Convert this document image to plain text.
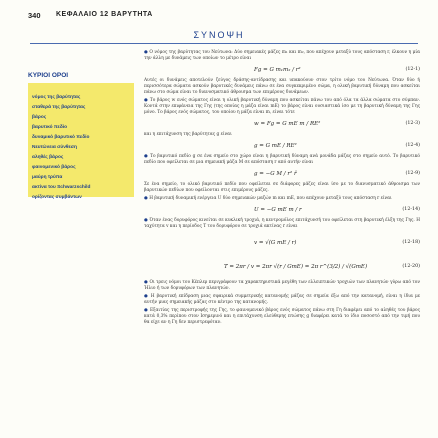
340 ΚΕΦΑΛΑΙΟ 12 ΒΑΡΥΤΗΤΑ
ΣΥΝΟΨΗ
ΚΥΡΙΟΙ ΟΡΟΙ
νόμος της βαρύτητας
σταθερά της βαρύτητας
βάρος
βαρυτικό πεδίο
δυναμικό βαρυτικό πεδίο
Νευτώνεια σύνθεση
αληθές βάρος
φαινομενικό βάρος
μαύρη τρύπα
ακτίνα του Schwarzschild
ορίζοντας συμβάντων

● Ο νόμος της βαρύτητας του Νεύτωνα: Δύο σημειακές μάζες m₁ και m₂, που απέχουν μεταξύ τους απόσταση r, έλκουν η μία την άλλη με δυνάμεις των οποίων το μέτρο είναι

Fg = G m₁m₂ / r²	(12-1)

Αυτές οι δυνάμεις αποτελούν ζεύγος δράσης-αντίδρασης και υπακούουν στον τρίτο νόμο του Νεύτωνα. Όταν δύο ή περισσότερα σώματα ασκούν βαρυτικές δυνάμεις πάνω σε ένα συγκεκριμένο σώμα, η ολική βαρυτική δύναμη που ασκείται πάνω στο σώμα είναι το διανυσματικό άθροισμα των επιμέρους δυνάμεων.

● Το βάρος w ενός σώματος είναι η ολική βαρυτική δύναμη που ασκείται πάνω του από όλα τα άλλα σώματα στο σύμπαν. Κοντά στην επιφάνεια της Γης (της οποίας η μάζα είναι mE) το βάρος είναι ουσιαστικά ίσο με τη βαρυτική δύναμη της Γης μόνο. Το βάρος ενός σώματος, του οποίου η μάζα είναι m, είναι τότε

w = Fg = G mE m / RE²	(12-3)

και η επιτάχυνση της βαρύτητας g είναι

g = G mE / RE²	(12-4)

● Το βαρυτικό πεδίο g σε ένα σημείο στο χώρο είναι η βαρυτική δύναμη ανά μονάδα μάζας στο σημείο αυτό. Το βαρυτικό πεδίο που οφείλεται σε μια σημειακή μάζα M σε απόσταση r από αυτήν είναι

g = −G M / r² r̂	(12-9)

Σε ένα σημείο, το ολικό βαρυτικό πεδίο που οφείλεται σε διάφορες μάζες είναι ίσο με το διανυσματικό άθροισμα των βαρυτικών πεδίων που οφείλονται στις επιμέρους μάζες.

● Η βαρυτική δυναμική ενέργεια U δύο σημειακών μαζών m και mE, που απέχουν μεταξύ τους απόσταση r είναι

U = −G mE m / r	(12-14)

● Όταν ένας δορυφόρος κινείται σε κυκλική τροχιά, η κεντρομόλος επιτάχυνσή του οφείλεται στη βαρυτική έλξη της Γης. Η ταχύτητα v και η περίοδος T του δορυφόρου σε τροχιά ακτίνας r είναι

v = √(G mE / r)	(12-18)
T = 2πr / v = 2πr √(r / GmE) = 2π r^(3/2) / √(GmE)	(12-20)

● Οι τρεις νόμοι του Κέπλερ περιγράφουν τα χαρακτηριστικά μεγέθη των ελλειπτικών τροχιών των πλανητών γύρω από τον Ήλιο ή των δορυφόρων των πλανητών.

● Η βαρυτική επίδραση μιας σφαιρικά συμμετρικής κατανομής μάζας σε σημεία έξω από την κατανομή, είναι η ίδια με αυτήν μιας σημειακής μάζας στο κέντρο της κατανομής.

● Εξαιτίας της περιστροφής της Γης, το φαινομενικό βάρος ενός σώματος πάνω στη Γη διαφέρει από το αληθές του βάρος κατά 0,3% περίπου στον Ισημερινό και η επιτάχυνση ελεύθερης πτώσης g διαφέρει κατά το ίδιο ποσοστό από την τιμή που θα είχε αν η Γη δεν περιστρεφόταν.
